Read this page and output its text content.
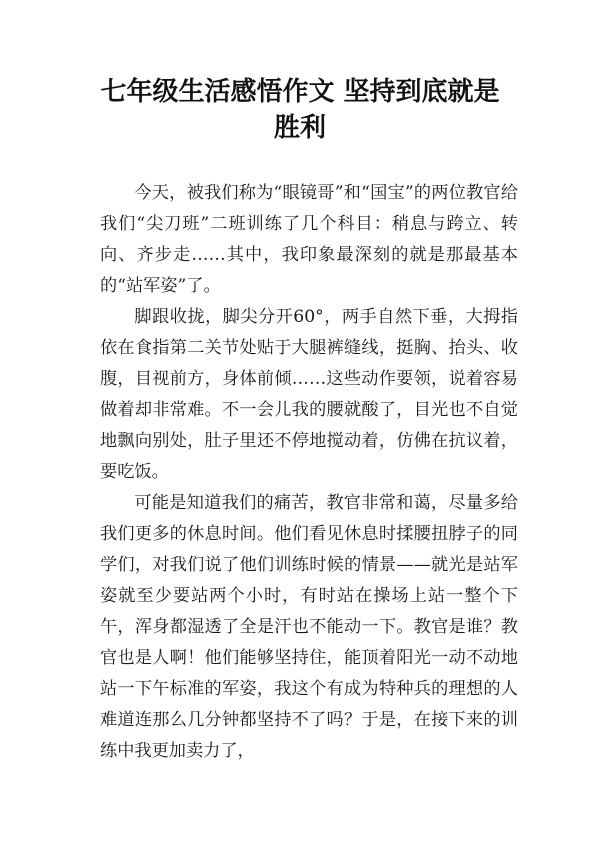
七年级生活感悟作文 坚持到底就是胜利

今天，被我们称为“眼镜哥”和“国宝”的两位教官给我们“尖刀班”二班训练了几个科目：稍息与跨立、转向、齐步走……其中，我印象最深刻的就是那最基本的“站军姿”了。

脚跟收拢，脚尖分开60°，两手自然下垂，大拇指依在食指第二关节处贴于大腿裤缝线，挺胸、抬头、收腹，目视前方，身体前倾……这些动作要领，说着容易做着却非常难。不一会儿我的腰就酸了，目光也不自觉地飘向别处，肚子里还不停地搅动着，仿佛在抗议着，要吃饭。

可能是知道我们的痛苦，教官非常和蔼，尽量多给我们更多的休息时间。他们看见休息时揉腰扭脖子的同学们，对我们说了他们训练时候的情景——就光是站军姿就至少要站两个小时，有时站在操场上站一整个下午，浑身都湿透了全是汗也不能动一下。教官是谁？教官也是人啊！他们能够坚持住，能顶着阳光一动不动地站一下午标准的军姿，我这个有成为特种兵的理想的人难道连那么几分钟都坚持不了吗？于是，在接下来的训练中我更加卖力了，
